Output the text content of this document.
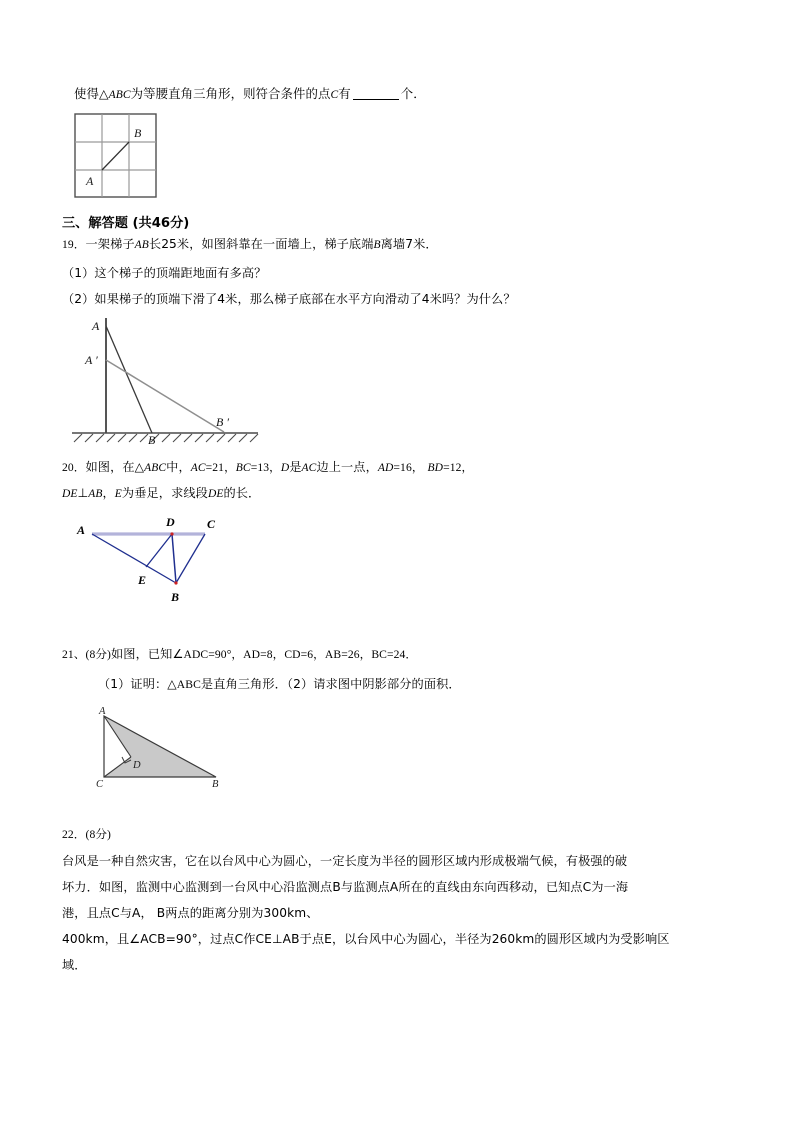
使得△ABC为等腰直角三角形，则符合条件的点C有	个．
A
B
三、解答题 (共46分)
19．一架梯子AB长25米，如图斜靠在一面墙上，梯子底端B离墙7米．
（1）这个梯子的顶端距地面有多高？
（2）如果梯子的顶端下滑了4米，那么梯子底部在水平方向滑动了4米吗？为什么？
A
A ′
B
B ′
20．如图，在△ABC中，AC=21，BC=13，D是AC边上一点，AD=16， BD=12，
DE⊥AB，E为垂足，求线段DE的长．
A
D	C
E
B
21、(8分)如图，已知∠ADC=90°，AD=8，CD=6，AB=26，BC=24．
（1）证明：△ABC是直角三角形．（2）请求图中阴影部分的面积．
A
D
C	B
22．(8分)
台风是一种自然灾害，它在以台风中心为圆心，一定长度为半径的圆形区域内形成极端气候，有极强的破
坏力．如图，监测中心监测到一台风中心沿监测点B与监测点A所在的直线由东向西移动，已知点C为一海
港，且点C与A， B两点的距离分别为300km、
400km，且∠ACB=90°，过点C作CE⊥AB于点E，以台风中心为圆心，半径为260km的圆形区域内为受影响区
域．
